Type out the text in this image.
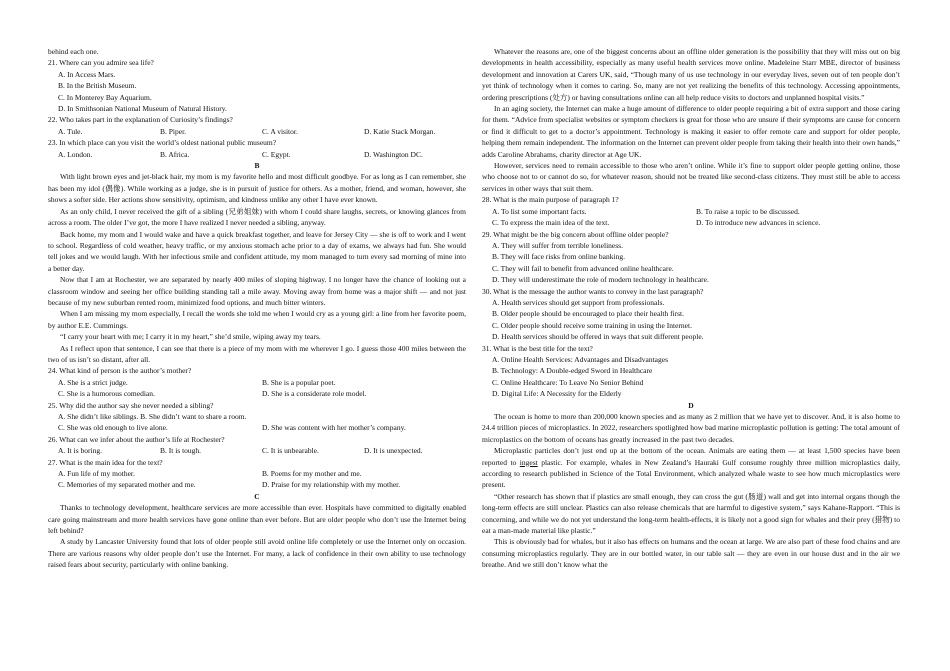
behind each one.
21. Where can you admire sea life?
A. In Access Mars.
B. In the British Museum.
C. In Monterey Bay Aquarium.
D. In Smithsonian National Museum of Natural History.
22. Who takes part in the explanation of Curiosity’s findings?
A. Tule.	B. Piper.	C. A visitor.	D. Katie Stack Morgan.
23. In which place can you visit the world’s oldest national public museum?
A. London.	B. Africa.	C. Egypt.	D. Washington DC.
B
With light brown eyes and jet-black hair, my mom is my favorite hello and most difficult goodbye. For as long as I can remember, she has been my idol (偶像). While working as a judge, she is in pursuit of justice for others. As a mother, friend, and woman, however, she shows a softer side. Her actions show sensitivity, optimism, and kindness unlike any other I have ever known.
As an only child, I never received the gift of a sibling (兄弟姐妹) with whom I could share laughs, secrets, or knowing glances from across a room. The older I’ve got, the more I have realized I never needed a sibling, anyway.
Back home, my mom and I would wake and have a quick breakfast together, and leave for Jersey City — she is off to work and I went to school. Regardless of cold weather, heavy traffic, or my anxious stomach ache prior to a day of exams, we always had fun. She would tell jokes and we would laugh. With her infectious smile and confident attitude, my mom managed to turn every sad morning of mine into a better day.
Now that I am at Rochester, we are separated by nearly 400 miles of sloping highway. I no longer have the chance of looking out a classroom window and seeing her office building standing tall a mile away. Moving away from home was a major shift — and not just because of my new suburban rented room, minimized food options, and much bitter winters.
When I am missing my mom especially, I recall the words she told me when I would cry as a young girl: a line from her favorite poem, by author E.E. Cummings.
“I carry your heart with me; I carry it in my heart,” she’d smile, wiping away my tears.
As I reflect upon that sentence, I can see that there is a piece of my mom with me wherever I go. I guess those 400 miles between the two of us isn’t so distant, after all.
24. What kind of person is the author’s mother?
A. She is a strict judge.	B. She is a popular poet.
C. She is a humorous comedian.	D. She is a considerate role model.
25. Why did the author say she never needed a sibling?
A. She didn’t like siblings. B. She didn’t want to share a room.
C. She was old enough to live alone.	D. She was content with her mother’s company.
26. What can we infer about the author’s life at Rochester?
A. It is boring.	B. It is tough.	C. It is unbearable.	D. It is unexpected.
27. What is the main idea for the text?
A. Fun life of my mother.	B. Poems for my mother and me.
C. Memories of my separated mother and me.	D. Praise for my relationship with my mother.
C
Thanks to technology development, healthcare services are more accessible than ever. Hospitals have committed to digitally enabled care going mainstream and more health services have gone online than ever before. But are older people who don’t use the Internet being left behind?
A study by Lancaster University found that lots of older people still avoid online life completely or use the Internet only on occasion. There are various reasons why older people don’t use the Internet. For many, a lack of confidence in their own ability to use technology raised fears about security, particularly with online banking.
Whatever the reasons are, one of the biggest concerns about an offline older generation is the possibility that they will miss out on big developments in health accessibility, especially as many useful health services move online. Madeleine Starr MBE, director of business development and innovation at Carers UK, said, “Though many of us use technology in our everyday lives, seven out of ten people don’t yet think of technology when it comes to caring. So, many are not yet realizing the benefits of this technology. Accessing appointments, ordering prescriptions (处方) or having consultations online can all help reduce visits to doctors and unplanned hospital visits.”
In an aging society, the Internet can make a huge amount of difference to older people requiring a bit of extra support and those caring for them. “Advice from specialist websites or symptom checkers is great for those who are unsure if their symptoms are cause for concern or find it difficult to get to a doctor’s appointment. Technology is making it easier to offer remote care and support for older people, helping them remain independent. The information on the Internet can prevent older people from taking their health into their own hands,” adds Caroline Abrahams, charity director at Age UK.
However, services need to remain accessible to those who aren’t online. While it’s fine to support older people getting online, those who choose not to or cannot do so, for whatever reason, should not be treated like second-class citizens. They must still be able to access services in other ways that suit them.
28. What is the main purpose of paragraph 1?
A. To list some important facts.	B. To raise a topic to be discussed.
C. To express the main idea of the text.	D. To introduce new advances in science.
29. What might be the big concern about offline older people?
A. They will suffer from terrible loneliness.
B. They will face risks from online banking.
C. They will fail to benefit from advanced online healthcare.
D. They will underestimate the role of modern technology in healthcare.
30. What is the message the author wants to convey in the last paragraph?
A. Health services should get support from professionals.
B. Older people should be encouraged to place their health first.
C. Older people should receive some training in using the Internet.
D. Health services should be offered in ways that suit different people.
31. What is the best title for the text?
A. Online Health Services: Advantages and Disadvantages
B. Technology: A Double-edged Sword in Healthcare
C. Online Healthcare: To Leave No Senior Behind
D. Digital Life: A Necessity for the Elderly
D
The ocean is home to more than 200,000 known species and as many as 2 million that we have yet to discover. And, it is also home to 24.4 trillion pieces of microplastics. In 2022, researchers spotlighted how bad marine microplastic pollution is getting: The total amount of microplastics on the bottom of oceans has greatly increased in the past two decades.
Microplastic particles don’t just end up at the bottom of the ocean. Animals are eating them — at least 1,500 species have been reported to ingest plastic. For example, whales in New Zealand’s Hauraki Gulf consume roughly three million microplastics daily, according to research published in Science of the Total Environment, which analyzed whale waste to see how much microplastics were present.
“Other research has shown that if plastics are small enough, they can cross the gut (肠道) wall and get into internal organs though the long-term effects are still unclear. Plastics can also release chemicals that are harmful to digestive system,” says Kahane-Rapport. “This is concerning, and while we do not yet understand the long-term health-effects, it is likely not a good sign for whales and their prey (猎物) to eat a man-made material like plastic.”
This is obviously bad for whales, but it also has effects on humans and the ocean at large. We are also part of these food chains and are consuming microplastics regularly. They are in our bottled water, in our table salt — they are even in our house dust and in the air we breathe. And we still don’t know what the
